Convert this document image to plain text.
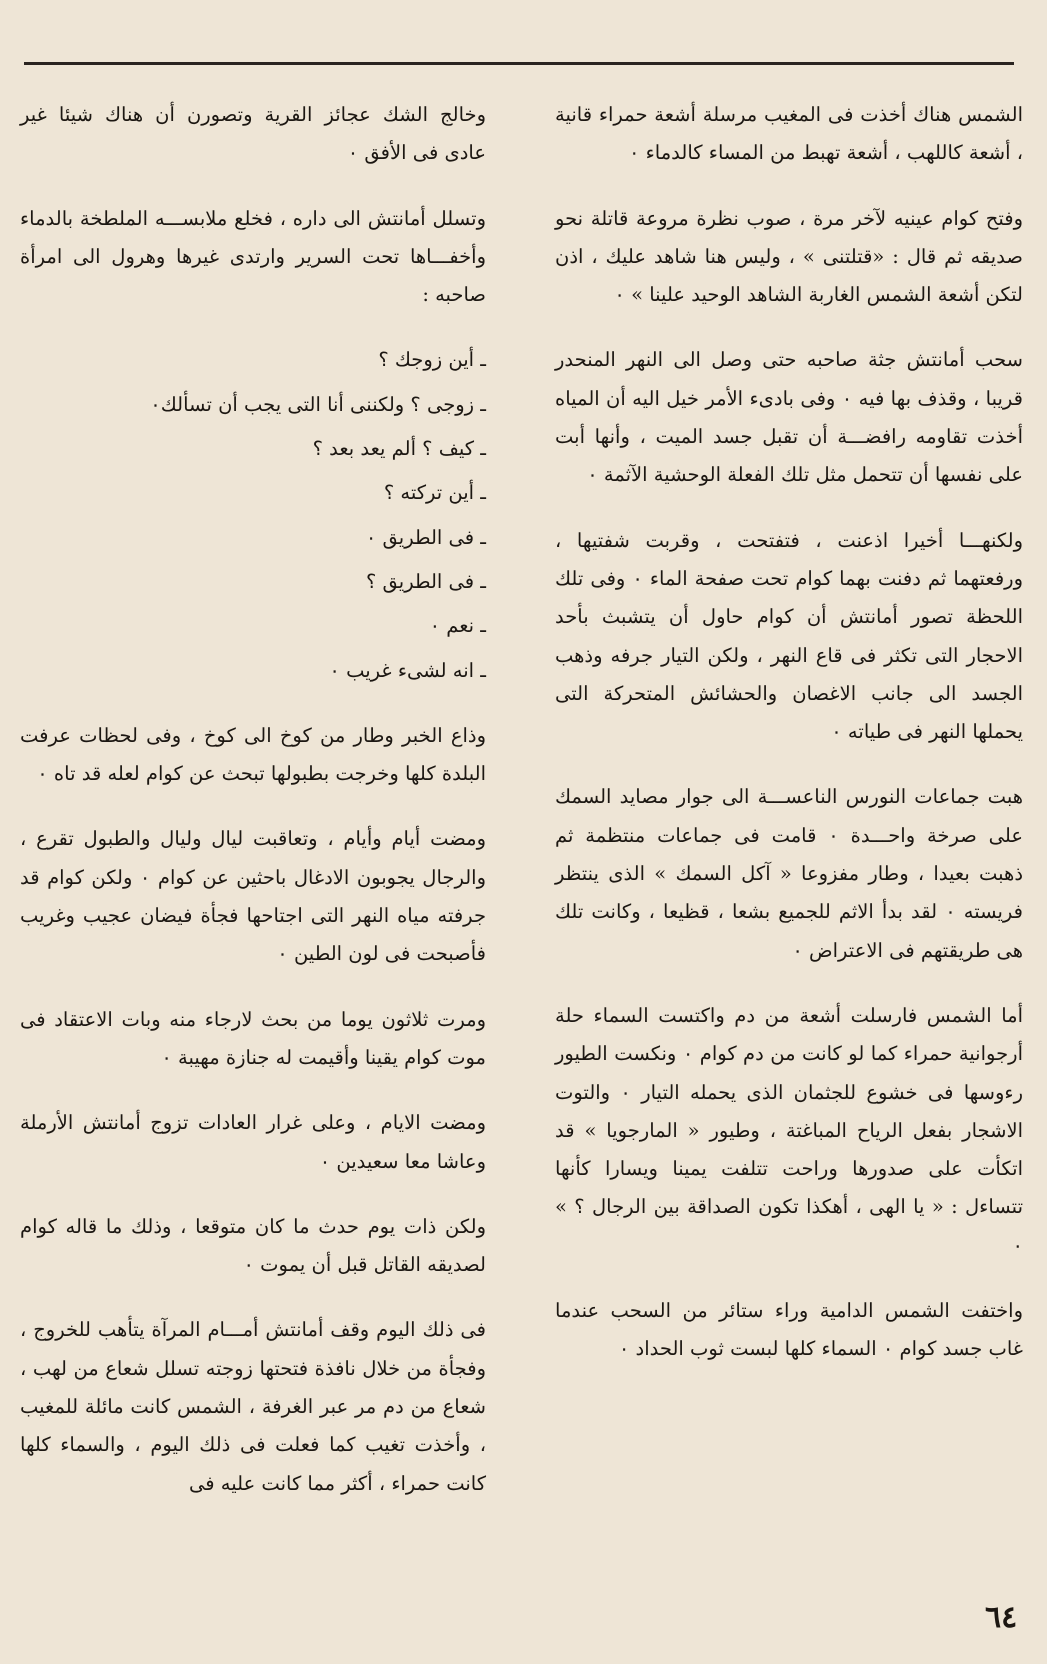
الشمس هناك أخذت فى المغيب مرسلة أشعة حمراء قانية ، أشعة كاللهب ، أشعة تهبط من المساء كالدماء ٠

وفتح كوام عينيه لآخر مرة ، صوب نظرة مروعة قاتلة نحو صديقه ثم قال : «قتلتنى » ، وليس هنا شاهد عليك ، اذن لتكن أشعة الشمس الغاربة الشاهد الوحيد علينا » ٠

سحب أمانتش جثة صاحبه حتى وصل الى النهر المنحدر قريبا ، وقذف بها فيه ٠ وفى بادىء الأمر خيل اليه أن المياه أخذت تقاومه رافضـــة أن تقبل جسد الميت ، وأنها أبت على نفسها أن تتحمل مثل تلك الفعلة الوحشية الآثمة ٠

ولكنهـــا أخيرا اذعنت ، فتفتحت ، وقربت شفتيها ، ورفعتهما ثم دفنت بهما كوام تحت صفحة الماء ٠ وفى تلك اللحظة تصور أمانتش أن كوام حاول أن يتشبث بأحد الاحجار التى تكثر فى قاع النهر ، ولكن التيار جرفه وذهب الجسد الى جانب الاغصان والحشائش المتحركة التى يحملها النهر فى طياته ٠

هبت جماعات النورس الناعســـة الى جوار مصايد السمك على صرخة واحـــدة ٠ قامت فى جماعات منتظمة ثم ذهبت بعيدا ، وطار مفزوعا « آكل السمك » الذى ينتظر فريسته ٠ لقد بدأ الاثم للجميع بشعا ، قظيعا ، وكانت تلك هى طريقتهم فى الاعتراض ٠

أما الشمس فارسلت أشعة من دم واكتست السماء حلة أرجوانية حمراء كما لو كانت من دم كوام ٠ ونكست الطيور رءوسها فى خشوع للجثمان الذى يحمله التيار ٠ والتوت الاشجار بفعل الرياح المباغتة ، وطيور « المارجويا » قد اتكأت على صدورها وراحت تتلفت يمينا ويسارا كأنها تتساءل : « يا الهى ، أهكذا تكون الصداقة بين الرجال ؟ » ٠

واختفت الشمس الدامية وراء ستائر من السحب عندما غاب جسد كوام ٠ السماء كلها لبست ثوب الحداد ٠

وخالج الشك عجائز القرية وتصورن أن هناك شيئا غير عادى فى الأفق ٠

وتسلل أمانتش الى داره ، فخلع ملابســـه الملطخة بالدماء وأخفـــاها تحت السرير وارتدى غيرها وهرول الى امرأة صاحبه :

ـ أين زوجك ؟

ـ زوجى ؟ ولكننى أنا التى يجب أن تسألك٠

ـ كيف ؟ ألم يعد بعد ؟

ـ أين تركته ؟

ـ فى الطريق ٠

ـ فى الطريق ؟

ـ نعم ٠

ـ انه لشىء غريب ٠

وذاع الخبر وطار من كوخ الى كوخ ، وفى لحظات عرفت البلدة كلها وخرجت بطبولها تبحث عن كوام لعله قد تاه ٠

ومضت أيام وأيام ، وتعاقبت ليال وليال والطبول تقرع ، والرجال يجوبون الادغال باحثين عن كوام ٠ ولكن كوام قد جرفته مياه النهر التى اجتاحها فجأة فيضان عجيب وغريب فأصبحت فى لون الطين ٠

ومرت ثلاثون يوما من بحث لارجاء منه وبات الاعتقاد فى موت كوام يقينا وأقيمت له جنازة مهيبة ٠

ومضت الايام ، وعلى غرار العادات تزوج أمانتش الأرملة وعاشا معا سعيدين ٠

ولكن ذات يوم حدث ما كان متوقعا ، وذلك ما قاله كوام لصديقه القاتل قبل أن يموت ٠

فى ذلك اليوم وقف أمانتش أمـــام المرآة يتأهب للخروج ، وفجأة من خلال نافذة فتحتها زوجته تسلل شعاع من لهب ، شعاع من دم مر عبر الغرفة ، الشمس كانت مائلة للمغيب ، وأخذت تغيب كما فعلت فى ذلك اليوم ، والسماء كلها كانت حمراء ، أكثر مما كانت عليه فى

٦٤
